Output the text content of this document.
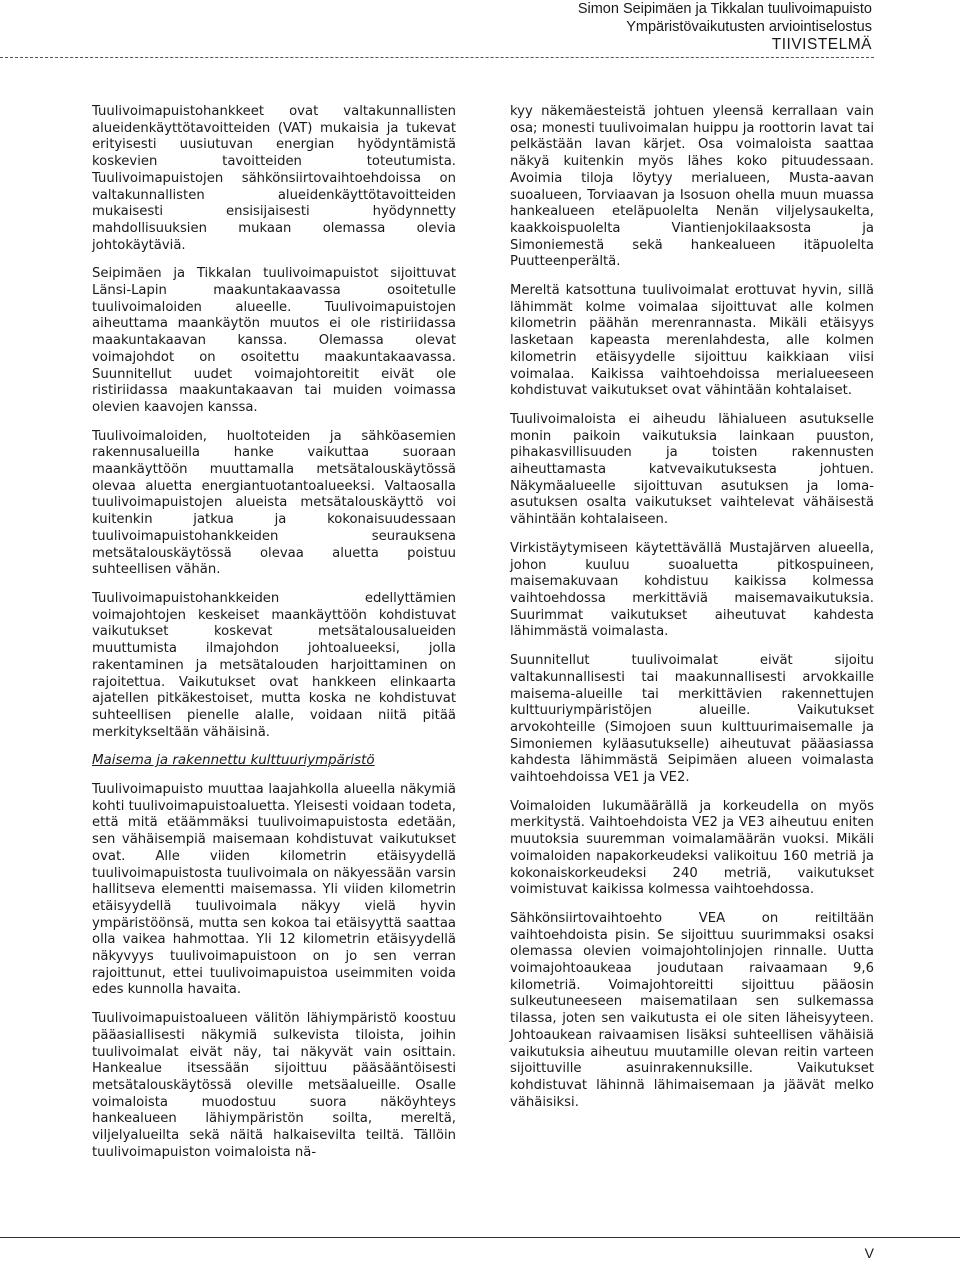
Simon Seipimäen ja Tikkalan tuulivoimapuisto
Ympäristövaikutusten arviointiselostus
TIIVISTELMÄ

Tuulivoimapuistohankkeet ovat valtakunnallisten alueidenkäyttötavoitteiden (VAT) mukaisia ja tukevat erityisesti uusiutuvan energian hyödyntämistä koskevien tavoitteiden toteutumista. Tuulivoimapuistojen sähkönsiirtovaihtoehdoissa on valtakunnallisten alueidenkäyttötavoitteiden mukaisesti ensisijaisesti hyödynnetty mahdollisuuksien mukaan olemassa olevia johtokäytäviä.

Seipimäen ja Tikkalan tuulivoimapuistot sijoittuvat Länsi-Lapin maakuntakaavassa osoitetulle tuulivoimaloiden alueelle. Tuulivoimapuistojen aiheuttama maankäytön muutos ei ole ristiriidassa maakuntakaavan kanssa. Olemassa olevat voimajohdot on osoitettu maakuntakaavassa. Suunnitellut uudet voimajohtoreitit eivät ole ristiriidassa maakuntakaavan tai muiden voimassa olevien kaavojen kanssa.

Tuulivoimaloiden, huoltoteiden ja sähköasemien rakennusalueilla hanke vaikuttaa suoraan maankäyttöön muuttamalla metsätalouskäytössä olevaa aluetta energiantuotantoalueeksi. Valtaosalla tuulivoimapuistojen alueista metsätalouskäyttö voi kuitenkin jatkua ja kokonaisuudessaan tuulivoimapuistohankkeiden seurauksena metsätalouskäytössä olevaa aluetta poistuu suhteellisen vähän.

Tuulivoimapuistohankkeiden edellyttämien voimajohtojen keskeiset maankäyttöön kohdistuvat vaikutukset koskevat metsätalousalueiden muuttumista ilmajohdon johtoalueeksi, jolla rakentaminen ja metsätalouden harjoittaminen on rajoitettua. Vaikutukset ovat hankkeen elinkaarta ajatellen pitkäkestoiset, mutta koska ne kohdistuvat suhteellisen pienelle alalle, voidaan niitä pitää merkitykseltään vähäisinä.

Maisema ja rakennettu kulttuuriympäristö

Tuulivoimapuisto muuttaa laajahkolla alueella näkymiä kohti tuulivoimapuistoaluetta. Yleisesti voidaan todeta, että mitä etäämmäksi tuulivoimapuistosta edetään, sen vähäisempiä maisemaan kohdistuvat vaikutukset ovat. Alle viiden kilometrin etäisyydellä tuulivoimapuistosta tuulivoimala on näkyessään varsin hallitseva elementti maisemassa. Yli viiden kilometrin etäisyydellä tuulivoimala näkyy vielä hyvin ympäristöönsä, mutta sen kokoa tai etäisyyttä saattaa olla vaikea hahmottaa. Yli 12 kilometrin etäisyydellä näkyvyys tuulivoimapuistoon on jo sen verran rajoittunut, ettei tuulivoimapuistoa useimmiten voida edes kunnolla havaita.

Tuulivoimapuistoalueen välitön lähiympäristö koostuu pääasiallisesti näkymiä sulkevista tiloista, joihin tuulivoimalat eivät näy, tai näkyvät vain osittain. Hankealue itsessään sijoittuu pääsääntöisesti metsätalouskäytössä oleville metsäalueille. Osalle voimaloista muodostuu suora näköyhteys hankealueen lähiympäristön soilta, mereltä, viljelyalueilta sekä näitä halkaisevilta teiltä. Tällöin tuulivoimapuiston voimaloista nä-

kyy näkemäesteistä johtuen yleensä kerrallaan vain osa; monesti tuulivoimalan huippu ja roottorin lavat tai pelkästään lavan kärjet. Osa voimaloista saattaa näkyä kuitenkin myös lähes koko pituudessaan. Avoimia tiloja löytyy merialueen, Musta-aavan suoalueen, Torviaavan ja Isosuon ohella muun muassa hankealueen eteläpuolelta Nenän viljelysaukelta, kaakkoispuolelta Viantienjokilaaksosta ja Simoniemestä sekä hankealueen itäpuolelta Puutteenperältä.

Mereltä katsottuna tuulivoimalat erottuvat hyvin, sillä lähimmät kolme voimalaa sijoittuvat alle kolmen kilometrin päähän merenrannasta. Mikäli etäisyys lasketaan kapeasta merenlahdesta, alle kolmen kilometrin etäisyydelle sijoittuu kaikkiaan viisi voimalaa. Kaikissa vaihtoehdoissa merialueeseen kohdistuvat vaikutukset ovat vähintään kohtalaiset.

Tuulivoimaloista ei aiheudu lähialueen asutukselle monin paikoin vaikutuksia lainkaan puuston, pihakasvillisuuden ja toisten rakennusten aiheuttamasta katvevaikutuksesta johtuen. Näkymäalueelle sijoittuvan asutuksen ja loma-asutuksen osalta vaikutukset vaihtelevat vähäisestä vähintään kohtalaiseen.

Virkistäytymiseen käytettävällä Mustajärven alueella, johon kuuluu suoaluetta pitkospuineen, maisemakuvaan kohdistuu kaikissa kolmessa vaihtoehdossa merkittäviä maisemavaikutuksia. Suurimmat vaikutukset aiheutuvat kahdesta lähimmästä voimalasta.

Suunnitellut tuulivoimalat eivät sijoitu valtakunnallisesti tai maakunnallisesti arvokkaille maisema-alueille tai merkittävien rakennettujen kulttuuriympäristöjen alueille. Vaikutukset arvokohteille (Simojoen suun kulttuurimaisemalle ja Simoniemen kyläasutukselle) aiheutuvat pääasiassa kahdesta lähimmästä Seipimäen alueen voimalasta vaihtoehdoissa VE1 ja VE2.

Voimaloiden lukumäärällä ja korkeudella on myös merkitystä. Vaihtoehdoista VE2 ja VE3 aiheutuu eniten muutoksia suuremman voimalamäärän vuoksi. Mikäli voimaloiden napakorkeudeksi valikoituu 160 metriä ja kokonaiskorkeudeksi 240 metriä, vaikutukset voimistuvat kaikissa kolmessa vaihtoehdossa.

Sähkönsiirtovaihtoehto VEA on reitiltään vaihtoehdoista pisin. Se sijoittuu suurimmaksi osaksi olemassa olevien voimajohtolinjojen rinnalle. Uutta voimajohtoaukeaa joudutaan raivaamaan 9,6 kilometriä. Voimajohtoreitti sijoittuu pääosin sulkeutuneeseen maisematilaan sen sulkemassa tilassa, joten sen vaikutusta ei ole siten läheisyyteen. Johtoaukean raivaamisen lisäksi suhteellisen vähäisiä vaikutuksia aiheutuu muutamille olevan reitin varteen sijoittuville asuinrakennuksille. Vaikutukset kohdistuvat lähinnä lähimaisemaan ja jäävät melko vähäisiksi.

V
